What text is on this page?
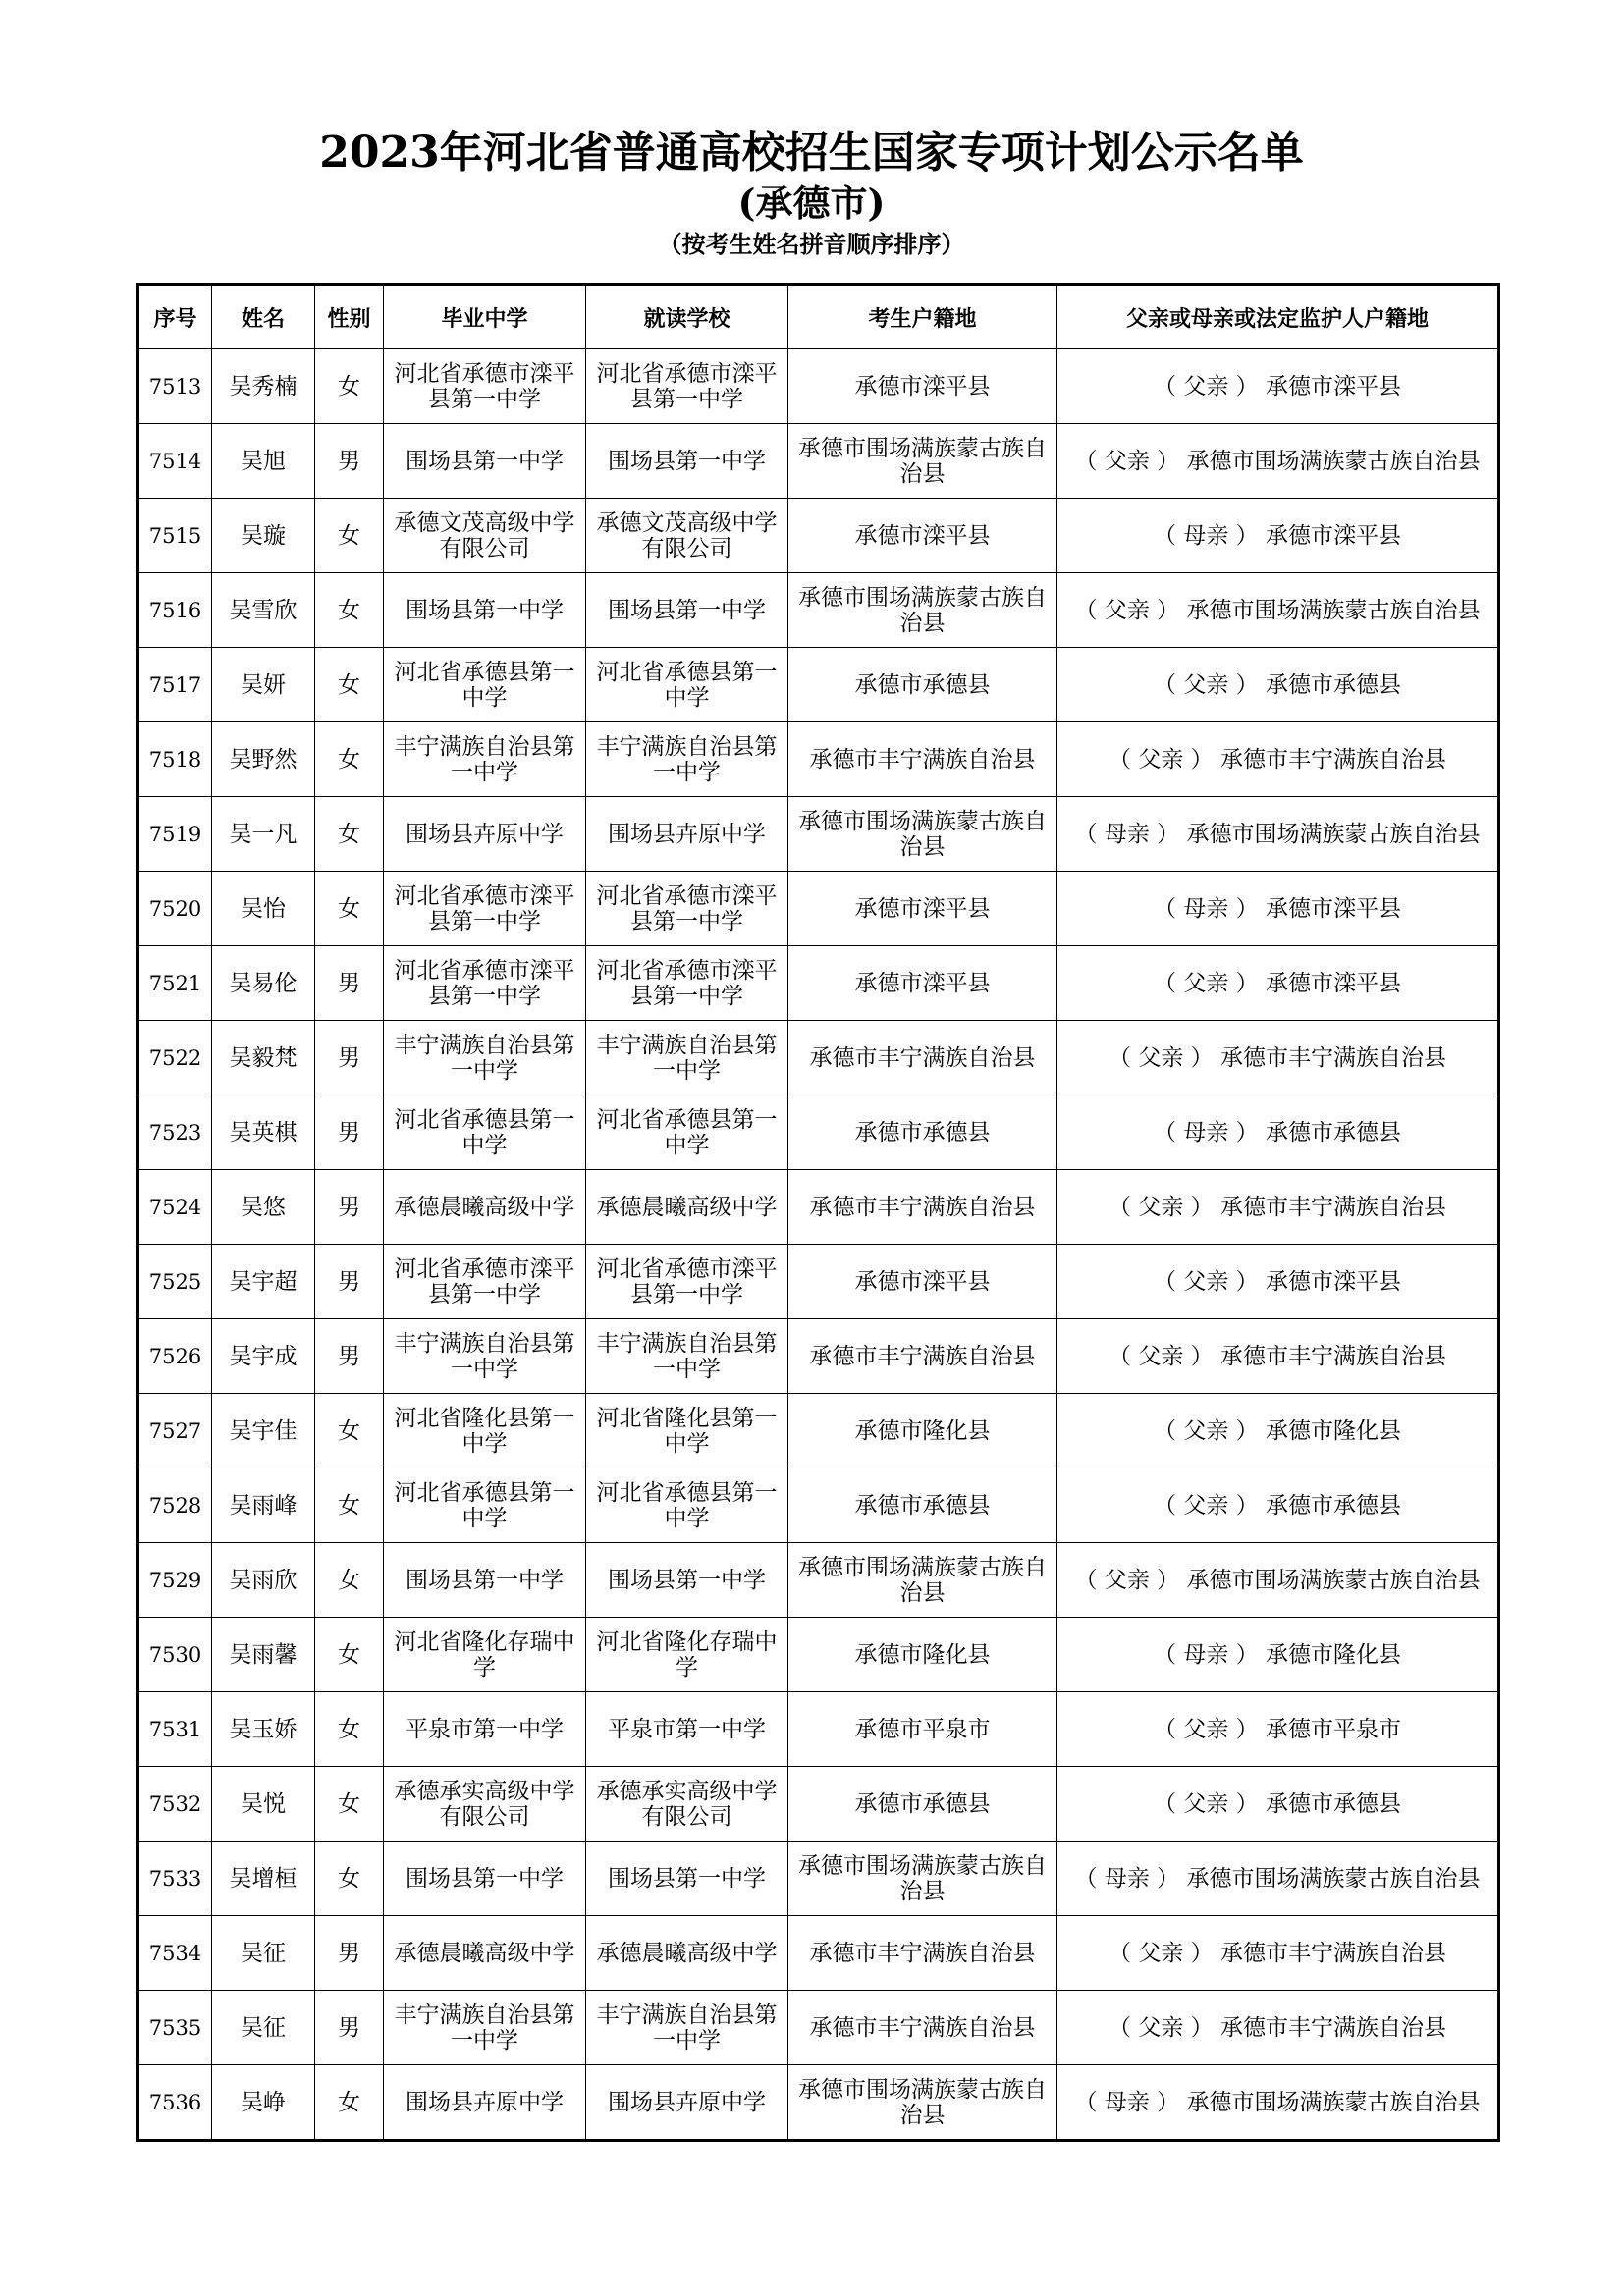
2023年河北省普通高校招生国家专项计划公示名单
(承德市)
（按考生姓名拼音顺序排序）
序号	姓名	性别	毕业中学	就读学校	考生户籍地	父亲或母亲或法定监护人户籍地
7513	吴秀楠	女	河北省承德市滦平县第一中学	河北省承德市滦平县第一中学	承德市滦平县	（ 父亲 ） 承德市滦平县
7514	吴旭	男	围场县第一中学	围场县第一中学	承德市围场满族蒙古族自治县	（ 父亲 ） 承德市围场满族蒙古族自治县
7515	吴璇	女	承德文茂高级中学有限公司	承德文茂高级中学有限公司	承德市滦平县	（ 母亲 ） 承德市滦平县
7516	吴雪欣	女	围场县第一中学	围场县第一中学	承德市围场满族蒙古族自治县	（ 父亲 ） 承德市围场满族蒙古族自治县
7517	吴妍	女	河北省承德县第一中学	河北省承德县第一中学	承德市承德县	（ 父亲 ） 承德市承德县
7518	吴野然	女	丰宁满族自治县第一中学	丰宁满族自治县第一中学	承德市丰宁满族自治县	（ 父亲 ） 承德市丰宁满族自治县
7519	吴一凡	女	围场县卉原中学	围场县卉原中学	承德市围场满族蒙古族自治县	（ 母亲 ） 承德市围场满族蒙古族自治县
7520	吴怡	女	河北省承德市滦平县第一中学	河北省承德市滦平县第一中学	承德市滦平县	（ 母亲 ） 承德市滦平县
7521	吴易伦	男	河北省承德市滦平县第一中学	河北省承德市滦平县第一中学	承德市滦平县	（ 父亲 ） 承德市滦平县
7522	吴毅梵	男	丰宁满族自治县第一中学	丰宁满族自治县第一中学	承德市丰宁满族自治县	（ 父亲 ） 承德市丰宁满族自治县
7523	吴英棋	男	河北省承德县第一中学	河北省承德县第一中学	承德市承德县	（ 母亲 ） 承德市承德县
7524	吴悠	男	承德晨曦高级中学	承德晨曦高级中学	承德市丰宁满族自治县	（ 父亲 ） 承德市丰宁满族自治县
7525	吴宇超	男	河北省承德市滦平县第一中学	河北省承德市滦平县第一中学	承德市滦平县	（ 父亲 ） 承德市滦平县
7526	吴宇成	男	丰宁满族自治县第一中学	丰宁满族自治县第一中学	承德市丰宁满族自治县	（ 父亲 ） 承德市丰宁满族自治县
7527	吴宇佳	女	河北省隆化县第一中学	河北省隆化县第一中学	承德市隆化县	（ 父亲 ） 承德市隆化县
7528	吴雨峰	女	河北省承德县第一中学	河北省承德县第一中学	承德市承德县	（ 父亲 ） 承德市承德县
7529	吴雨欣	女	围场县第一中学	围场县第一中学	承德市围场满族蒙古族自治县	（ 父亲 ） 承德市围场满族蒙古族自治县
7530	吴雨馨	女	河北省隆化存瑞中学	河北省隆化存瑞中学	承德市隆化县	（ 母亲 ） 承德市隆化县
7531	吴玉娇	女	平泉市第一中学	平泉市第一中学	承德市平泉市	（ 父亲 ） 承德市平泉市
7532	吴悦	女	承德承实高级中学有限公司	承德承实高级中学有限公司	承德市承德县	（ 父亲 ） 承德市承德县
7533	吴增桓	女	围场县第一中学	围场县第一中学	承德市围场满族蒙古族自治县	（ 母亲 ） 承德市围场满族蒙古族自治县
7534	吴征	男	承德晨曦高级中学	承德晨曦高级中学	承德市丰宁满族自治县	（ 父亲 ） 承德市丰宁满族自治县
7535	吴征	男	丰宁满族自治县第一中学	丰宁满族自治县第一中学	承德市丰宁满族自治县	（ 父亲 ） 承德市丰宁满族自治县
7536	吴峥	女	围场县卉原中学	围场县卉原中学	承德市围场满族蒙古族自治县	（ 母亲 ） 承德市围场满族蒙古族自治县
